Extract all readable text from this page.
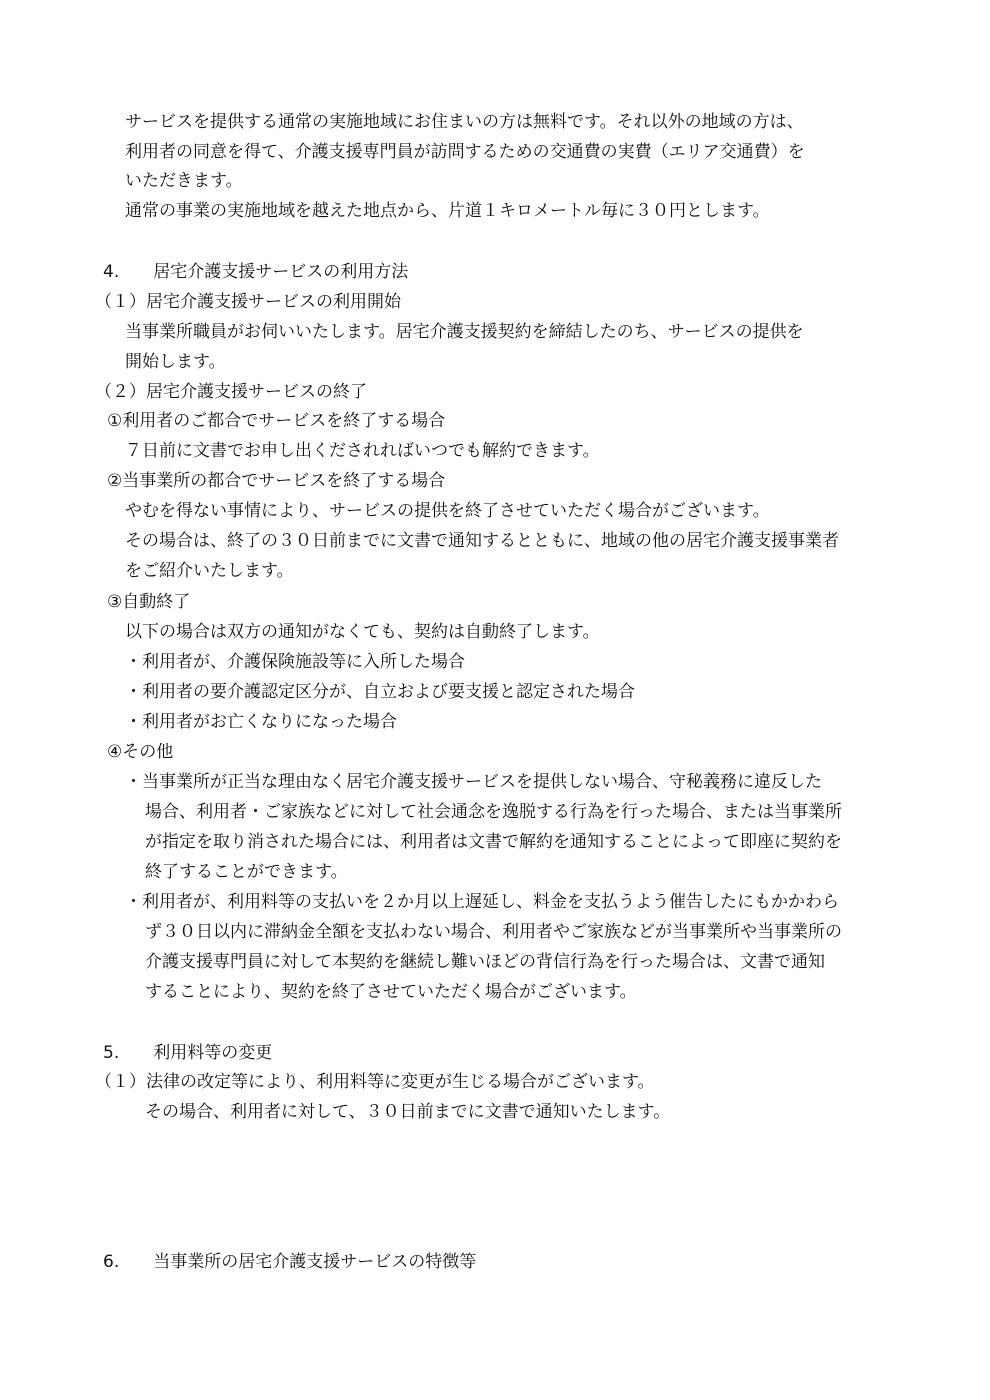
サービスを提供する通常の実施地域にお住まいの方は無料です。それ以外の地域の方は、
利用者の同意を得て、介護支援専門員が訪問するための交通費の実費（エリア交通費）を
いただきます。
通常の事業の実施地域を越えた地点から、片道１キロメートル毎に３０円とします。
4.　　居宅介護支援サービスの利用方法
（１）居宅介護支援サービスの利用開始
当事業所職員がお伺いいたします。居宅介護支援契約を締結したのち、サービスの提供を
開始します。
（２）居宅介護支援サービスの終了
①利用者のご都合でサービスを終了する場合
７日前に文書でお申し出くだされればいつでも解約できます。
②当事業所の都合でサービスを終了する場合
やむを得ない事情により、サービスの提供を終了させていただく場合がございます。
その場合は、終了の３０日前までに文書で通知するとともに、地域の他の居宅介護支援事業者
をご紹介いたします。
③自動終了
以下の場合は双方の通知がなくても、契約は自動終了します。
・利用者が、介護保険施設等に入所した場合
・利用者の要介護認定区分が、自立および要支援と認定された場合
・利用者がお亡くなりになった場合
④その他
・当事業所が正当な理由なく居宅介護支援サービスを提供しない場合、守秘義務に違反した
場合、利用者・ご家族などに対して社会通念を逸脱する行為を行った場合、または当事業所
が指定を取り消された場合には、利用者は文書で解約を通知することによって即座に契約を
終了することができます。
・利用者が、利用料等の支払いを２か月以上遅延し、料金を支払うよう催告したにもかかわら
ず３０日以内に滞納金全額を支払わない場合、利用者やご家族などが当事業所や当事業所の
介護支援専門員に対して本契約を継続し難いほどの背信行為を行った場合は、文書で通知
することにより、契約を終了させていただく場合がございます。
5.　　利用料等の変更
（１）法律の改定等により、利用料等に変更が生じる場合がございます。
その場合、利用者に対して、３０日前までに文書で通知いたします。
6.　　当事業所の居宅介護支援サービスの特徴等
